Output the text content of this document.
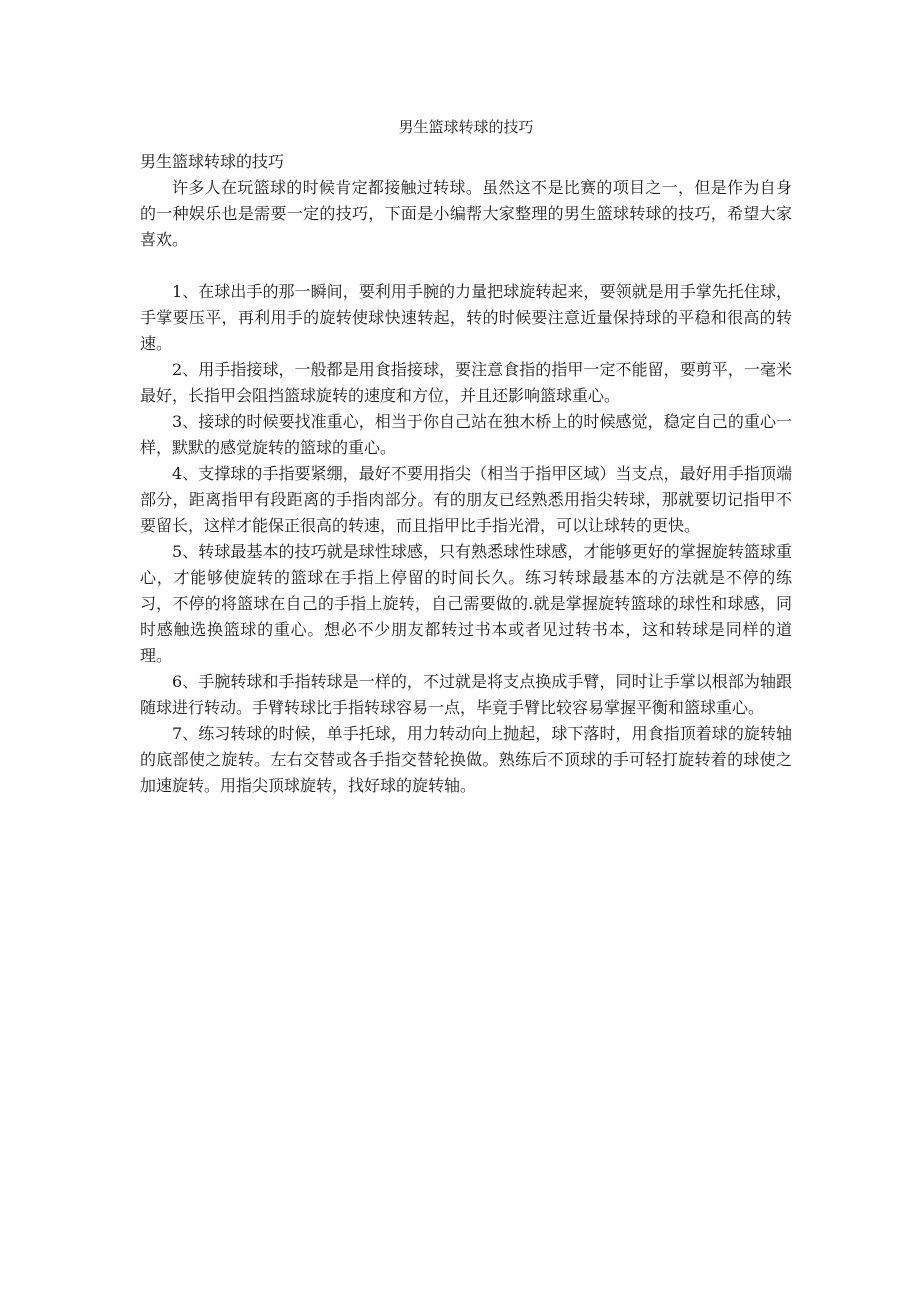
男生篮球转球的技巧

男生篮球转球的技巧

许多人在玩篮球的时候肯定都接触过转球。虽然这不是比赛的项目之一，但是作为自身的一种娱乐也是需要一定的技巧，下面是小编帮大家整理的男生篮球转球的技巧，希望大家喜欢。

1、在球出手的那一瞬间，要利用手腕的力量把球旋转起来，要领就是用手掌先托住球，手掌要压平，再利用手的旋转使球快速转起，转的时候要注意近量保持球的平稳和很高的转速。

2、用手指接球，一般都是用食指接球，要注意食指的指甲一定不能留，要剪平，一毫米最好，长指甲会阻挡篮球旋转的速度和方位，并且还影响篮球重心。

3、接球的时候要找准重心，相当于你自己站在独木桥上的时候感觉，稳定自己的重心一样，默默的感觉旋转的篮球的重心。

4、支撑球的手指要紧绷，最好不要用指尖（相当于指甲区域）当支点，最好用手指顶端部分，距离指甲有段距离的手指肉部分。有的朋友已经熟悉用指尖转球，那就要切记指甲不要留长，这样才能保正很高的转速，而且指甲比手指光滑，可以让球转的更快。

5、转球最基本的技巧就是球性球感，只有熟悉球性球感，才能够更好的掌握旋转篮球重心，才能够使旋转的篮球在手指上停留的时间长久。练习转球最基本的方法就是不停的练习，不停的将篮球在自己的手指上旋转，自己需要做的.就是掌握旋转篮球的球性和球感，同时感触选换篮球的重心。想必不少朋友都转过书本或者见过转书本，这和转球是同样的道理。

6、手腕转球和手指转球是一样的，不过就是将支点换成手臂，同时让手掌以根部为轴跟随球进行转动。手臂转球比手指转球容易一点，毕竟手臂比较容易掌握平衡和篮球重心。

7、练习转球的时候，单手托球，用力转动向上抛起，球下落时，用食指顶着球的旋转轴的底部使之旋转。左右交替或各手指交替轮换做。熟练后不顶球的手可轻打旋转着的球使之加速旋转。用指尖顶球旋转，找好球的旋转轴。
